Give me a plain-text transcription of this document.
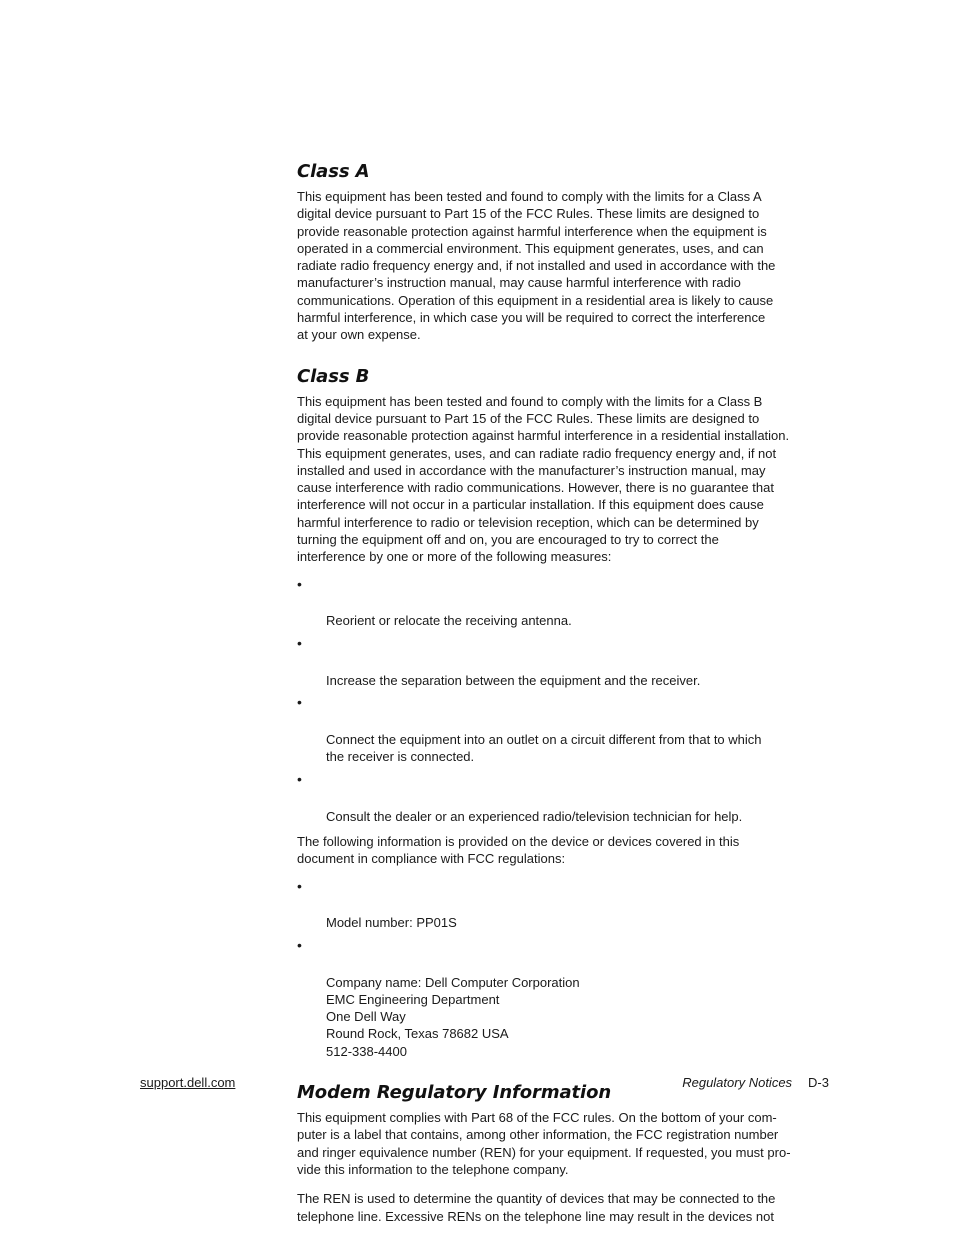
Class A

This equipment has been tested and found to comply with the limits for a Class A
digital device pursuant to Part 15 of the FCC Rules. These limits are designed to
provide reasonable protection against harmful interference when the equipment is
operated in a commercial environment. This equipment generates, uses, and can
radiate radio frequency energy and, if not installed and used in accordance with the
manufacturer’s instruction manual, may cause harmful interference with radio
communications. Operation of this equipment in a residential area is likely to cause
harmful interference, in which case you will be required to correct the interference
at your own expense.

Class B

This equipment has been tested and found to comply with the limits for a Class B
digital device pursuant to Part 15 of the FCC Rules. These limits are designed to
provide reasonable protection against harmful interference in a residential installation.
This equipment generates, uses, and can radiate radio frequency energy and, if not
installed and used in accordance with the manufacturer’s instruction manual, may
cause interference with radio communications. However, there is no guarantee that
interference will not occur in a particular installation. If this equipment does cause
harmful interference to radio or television reception, which can be determined by
turning the equipment off and on, you are encouraged to try to correct the
interference by one or more of the following measures:

•

Reorient or relocate the receiving antenna.

•

Increase the separation between the equipment and the receiver.

•

Connect the equipment into an outlet on a circuit different from that to which
the receiver is connected.

•

Consult the dealer or an experienced radio/television technician for help.

The following information is provided on the device or devices covered in this
document in compliance with FCC regulations:

•

Model number: PP01S

•

Company name: Dell Computer Corporation
EMC Engineering Department
One Dell Way
Round Rock, Texas 78682 USA
512-338-4400

Modem Regulatory Information

This equipment complies with Part 68 of the FCC rules. On the bottom of your com-
puter is a label that contains, among other information, the FCC registration number
and ringer equivalence number (REN) for your equipment. If requested, you must pro-
vide this information to the telephone company.

The REN is used to determine the quantity of devices that may be connected to the
telephone line. Excessive RENs on the telephone line may result in the devices not

support.dell.com	Regulatory Notices D-3
